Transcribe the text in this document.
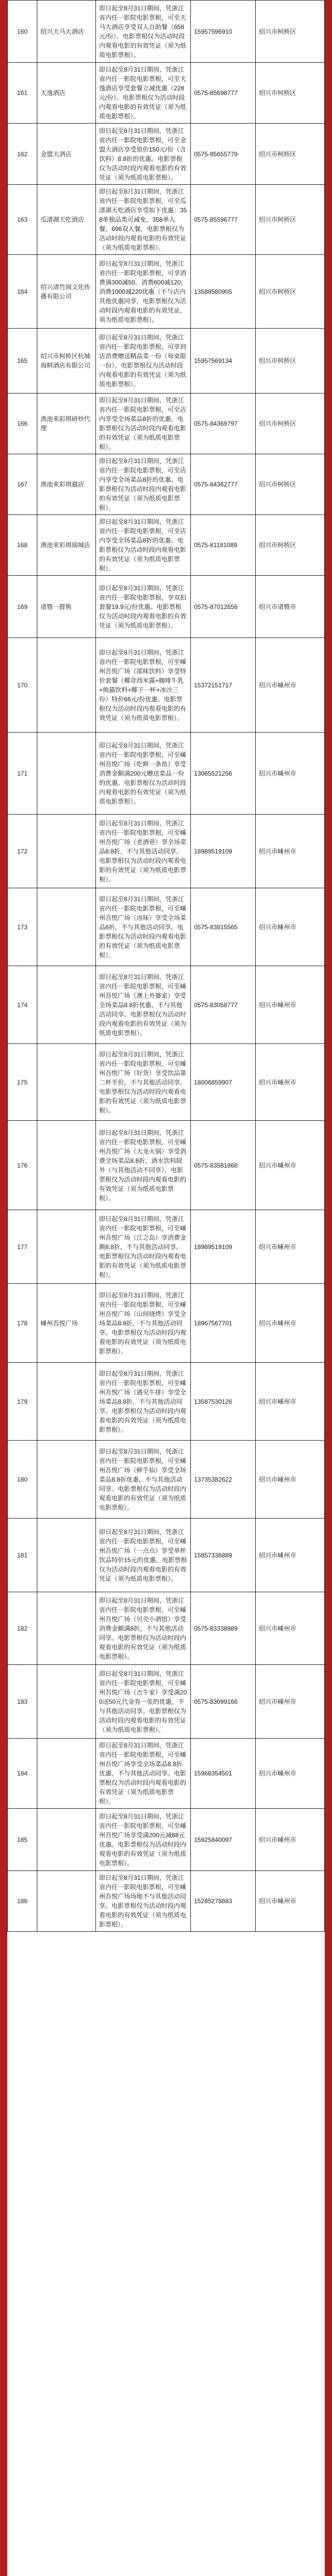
160	绍兴天马大酒店	即日起至8月31日期间，凭浙江省内任一影院电影票根，可至天马大酒店享受双人自助餐（658元/份）。电影票根仅为活动时段内观看电影的有效凭证（须为纸质电影票根）。	15957596910	绍兴市柯桥区
161	天逸酒店	即日起至8月31日期间，凭浙江省内任一影院电影票根，可至天逸酒店享受套餐立减优惠（228元/份）。电影票根仅为活动时段内观看电影的有效凭证（须为纸质电影票根）。	0575-85698777	绍兴市柯桥区
162	金盟大酒店	即日起至8月31日期间，凭浙江省内任一影院电影票根，可至金盟大酒店享受原价150元/份（含饮料）8.8折的优惠。电影票根仅为活动时段内观看电影的有效凭证（须为纸质电影票根）。	0575-85655779	绍兴市柯桥区
163	瓜渚湖天吃酒店	即日起至8月31日期间，凭浙江省内任一影院电影票根，可至瓜渚湖天吃酒店享受如下优惠：358单独品类可减免，358单人餐、696双人餐，电影票根仅为活动时段内观看电影的有效凭证（须为纸质电影票根）。	0575-85596777	绍兴市柯桥区
164	绍兴清竹阁文化传播有限公司	即日起至8月31日期间，凭浙江省内任一影院电影票根，可享消费满300减50，消费600减120，消费1000减220优惠（不与店内其他优惠同享，电影票根仅为活动时段内观看电影的有效凭证，须为纸质电影票根）。	13588580905	绍兴市柯桥区
165	绍兴市柯桥区杭城海鲜酒店有限公司	即日起至8月31日期间，凭浙江省内任一影院电影票根，可享到店消费赠送精品菜一份（每桌限一份）。电影票根仅为活动时段内观看电影的有效凭证（须为纸质电影票根）。	15957569134	绍兴市柯桥区
166	渔池来彩琪研炒代理	即日起至8月31日期间，凭浙江省内任一影院电影票根，可至店内享受全场菜品8折的优惠。电影票根仅为活动时段内观看电影的有效凭证（须为纸质电影票根）。	0575-84369797	绍兴市柯桥区
167	渔池来彩琪越店	即日起至8月31日期间，凭浙江省内任一影院电影票根，可至店内享受全场菜品8折的优惠。电影票根仅为活动时段内观看电影的有效凭证（须为纸质电影票根）。	0575-84362777	绍兴市柯桥区
168	渔池来彩琪瑞城店	即日起至8月31日期间，凭浙江省内任一影院电影票根，可至店内享受全场菜品8折的优惠。电影票根仅为活动时段内观看电影的有效凭证（须为纸质电影票根）。	0575-81181089	绍兴市柯桥区
169	诸暨一群熊	即日起至8月31日期间，凭浙江省内任一影院电影票根，享双拍套餐19.9元/份优惠。电影票根仅为活动时段内观看电影的有效凭证（须为纸质电影票根）。	0575-87012656	绍兴市诸暨市
170		即日起至8月31日期间，凭浙江省内任一影院电影票根，可至嵊州吾悦广场（邵味饮料）享受特价套餐（椰奇西米露+咖啡牛乳+熊猫饮料+椰子一杯+冰沙三份）特价66元/份优惠。电影票根仅为活动时段内观看电影的有效凭证（须为纸质电影票根）。	15372151717	绍兴市嵊州市
171		即日起至8月31日期间，凭浙江省内任一影院电影票根，可至嵊州吾悦广场（吃鲜一条鱼）享受消费金额满200元赠送菜品一份的优惠。电影票根仅为活动时段内观看电影的有效凭证（须为纸质电影票根）。	13065521256	绍兴市嵊州市
172		即日起至8月31日期间，凭浙江省内任一影院电影票根，可至嵊州吾悦广场（老酒巷）享全场菜品8.8折，不与其他活动同享。电影票根仅为活动时段内观看电影的有效凭证（须为纸质电影票根）。	18989519109	绍兴市嵊州市
173		即日起至8月31日期间，凭浙江省内任一影院电影票根，可至嵊州吾悦广场（卤味）享受全场菜品8折，不与其他活动同享。电影票根仅为活动时段内观看电影的有效凭证（须为纸质电影票根）。	0575-83815565	绍兴市嵊州市
174		即日起至8月31日期间，凭浙江省内任一影院电影票根，可至嵊州吾悦广场（澳上外婆家）享受全场菜品8.8折优惠，不与其他活动同享。电影票根仅为活动时段内观看电影的有效凭证（须为纸质电影票根）。	0575-83058777	绍兴市嵊州市
175		即日起至8月31日期间，凭浙江省内任一影院电影票根，可至嵊州吾悦广场（好货）享受饮品第二杯半价，不与其他活动同享。电影票根仅为活动时段内观看电影的有效凭证（须为纸质电影票根）。	18006859907	绍兴市嵊州市
176		即日起至8月31日期间，凭浙江省内任一影院电影票根，可至嵊州吾悦广场（大龙火锅）享受消费全场菜品8.8折，酒水饮料除外（与其他活动不同享），电影票根仅为活动时段内观看电影的有效凭证（须为纸质电影票根）。	0575-83581868	绍兴市嵊州市
177		即日起至8月31日期间，凭浙江省内任一影院电影票根，可至嵊州吾悦广场（江之岛）享消费金额8.8折，不与其他活动同享。电影票根仅为活动时段内观看电影的有效凭证（须为纸质电影票根）。	18989519109	绍兴市嵊州市
178	嵊州吾悦广场	即日起至8月31日期间，凭浙江省内任一影院电影票根，可至嵊州吾悦广场（山间烧烤）享受全场菜品8.8折，不与其他活动同享。电影票根仅为活动时段内观看电影的有效凭证（须为纸质电影票根）。	18967567701	绍兴市嵊州市
179		即日起至8月31日期间，凭浙江省内任一影院电影票根，可至嵊州吾悦广场（遇见牛排）享受全场菜品8.8折，不与其他活动同享。电影票根仅为活动时段内观看电影的有效凭证（须为纸质电影票根）。	13587530126	绍兴市嵊州市
180		即日起至8月31日期间，凭浙江省内任一影院电影票根，可至嵊州吾悦广场（鲜手仙）享受全场菜品8.8折优惠，不与其他活动同享。电影票根仅为活动时段内观看电影的有效凭证（须为纸质电影票根）。	13735382622	绍兴市嵊州市
181		即日起至8月31日期间，凭浙江省内任一影院电影票根，可至嵊州吾悦广场（一点点）享受单杯饮品特价15元的优惠。电影票根仅为活动时段内观看电影的有效凭证（须为纸质电影票根）。	15857336889	绍兴市嵊州市
182		即日起至8月31日期间，凭浙江省内任一影院电影票根，可至嵊州吾悦广场（贝壳小酒馆）享受消费金额满8折，不与其他活动同享。电影票根仅为活动时段内观看电影的有效凭证（须为纸质电影票根）。	0575-83338989	绍兴市嵊州市
183		即日起至8月31日期间，凭浙江省内任一影院电影票根，可至嵊州吾悦广场（吉牛家）享受满200送50元代金券一张的优惠，不与其他活动同享。电影票根仅为活动时段内观看电影的有效凭证（须为纸质电影票根）。	0575-83099166	绍兴市嵊州市
184		即日起至8月31日期间，凭浙江省内任一影院电影票根，可至嵊州吾悦广场享受全场菜品8.8折优惠，不与其他活动同享。电影票根仅为活动时段内观看电影的有效凭证（须为纸质电影票根）。	15968354501	绍兴市嵊州市
185		即日起至8月31日期间，凭浙江省内任一影院电影票根，可至嵊州吾悦广场享受满200元减88元优惠。电影票根仅为活动时段内观看电影的有效凭证（须为纸质电影票根）。	15925840097	绍兴市嵊州市
186		即日起至8月31日期间，凭浙江省内任一影院电影票根，可至嵊州吾悦广场场地不与其他活动同享。电影票根仅为活动时段内观看电影的有效凭证（须为纸质电影票根）。	15285278883	绍兴市嵊州市
